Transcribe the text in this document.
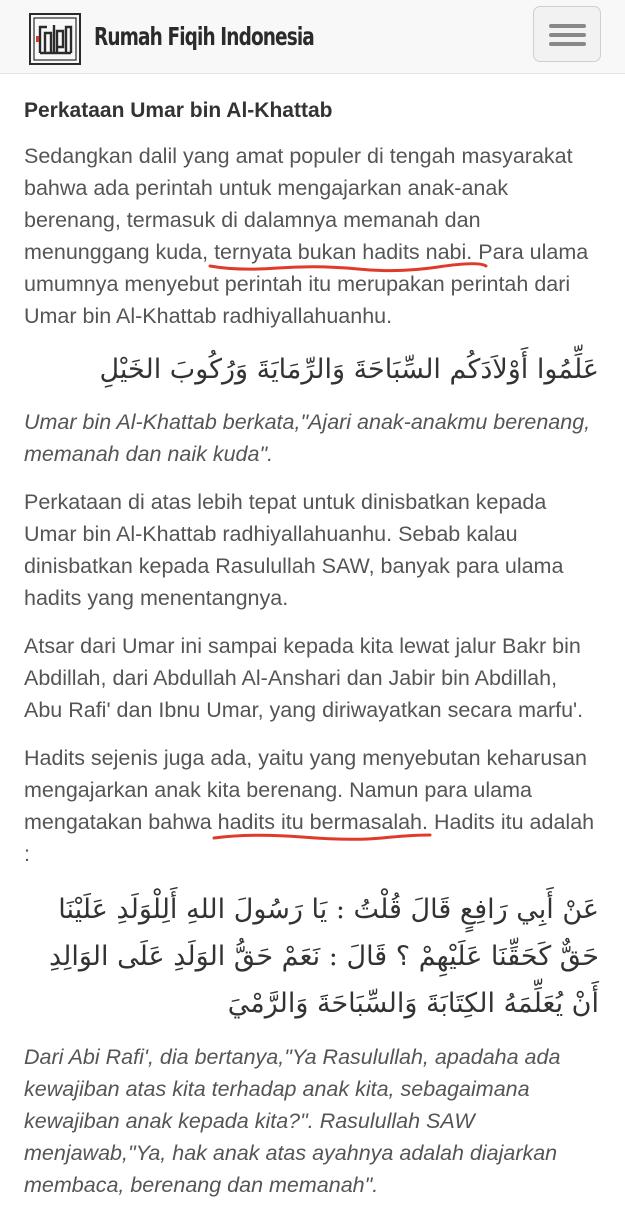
Rumah Fiqih Indonesia
Perkataan Umar bin Al-Khattab

Sedangkan dalil yang amat populer di tengah masyarakat bahwa ada perintah untuk mengajarkan anak-anak berenang, termasuk di dalamnya memanah dan menunggang kuda, ternyata bukan hadits nabi
. Para ulama umumnya menyebut perintah itu merupakan perintah dari Umar bin Al-Khattab radhiyallahuanhu.

عَلِّمُوا أَوْلاَدَكُم السِّبَاحَةَ وَالرِّمَايَةَ وَرُكُوبَ الخَيْلِ

Umar bin Al-Khattab berkata,"Ajari anak-anakmu berenang, memanah dan naik kuda".

Perkataan di atas lebih tepat untuk dinisbatkan kepada Umar bin Al-Khattab radhiyallahuanhu. Sebab kalau dinisbatkan kepada Rasulullah SAW, banyak para ulama hadits yang menentangnya.

Atsar dari Umar ini sampai kepada kita lewat jalur Bakr bin Abdillah, dari Abdullah Al-Anshari dan Jabir bin Abdillah, Abu Rafi' dan Ibnu Umar, yang diriwayatkan secara marfu'.

Hadits sejenis juga ada, yaitu yang menyebutan keharusan mengajarkan anak kita berenang. Namun para ulama mengatakan bahwa hadits itu bermasalah
. Hadits itu adalah :

عَنْ أَبِي رَافِعٍ قَالَ قُلْتُ : يَا رَسُولَ اللهِ أَلِلْوَلَدِ عَلَيْنَا حَقٌّ كَحَقِّنَا عَلَيْهِمْ ؟ قَالَ : نَعَمْ حَقُّ الوَلَدِ عَلَى الوَالِدِ أَنْ يُعَلِّمَهُ الكِتَابَةَ وَالسِّبَاحَةَ وَالرَّمْيَ

Dari Abi Rafi', dia bertanya,"Ya Rasulullah, apadaha ada kewajiban atas kita terhadap anak kita, sebagaimana kewajiban anak kepada kita?". Rasulullah SAW menjawab,"Ya, hak anak atas ayahnya adalah diajarkan membaca, berenang dan memanah".
